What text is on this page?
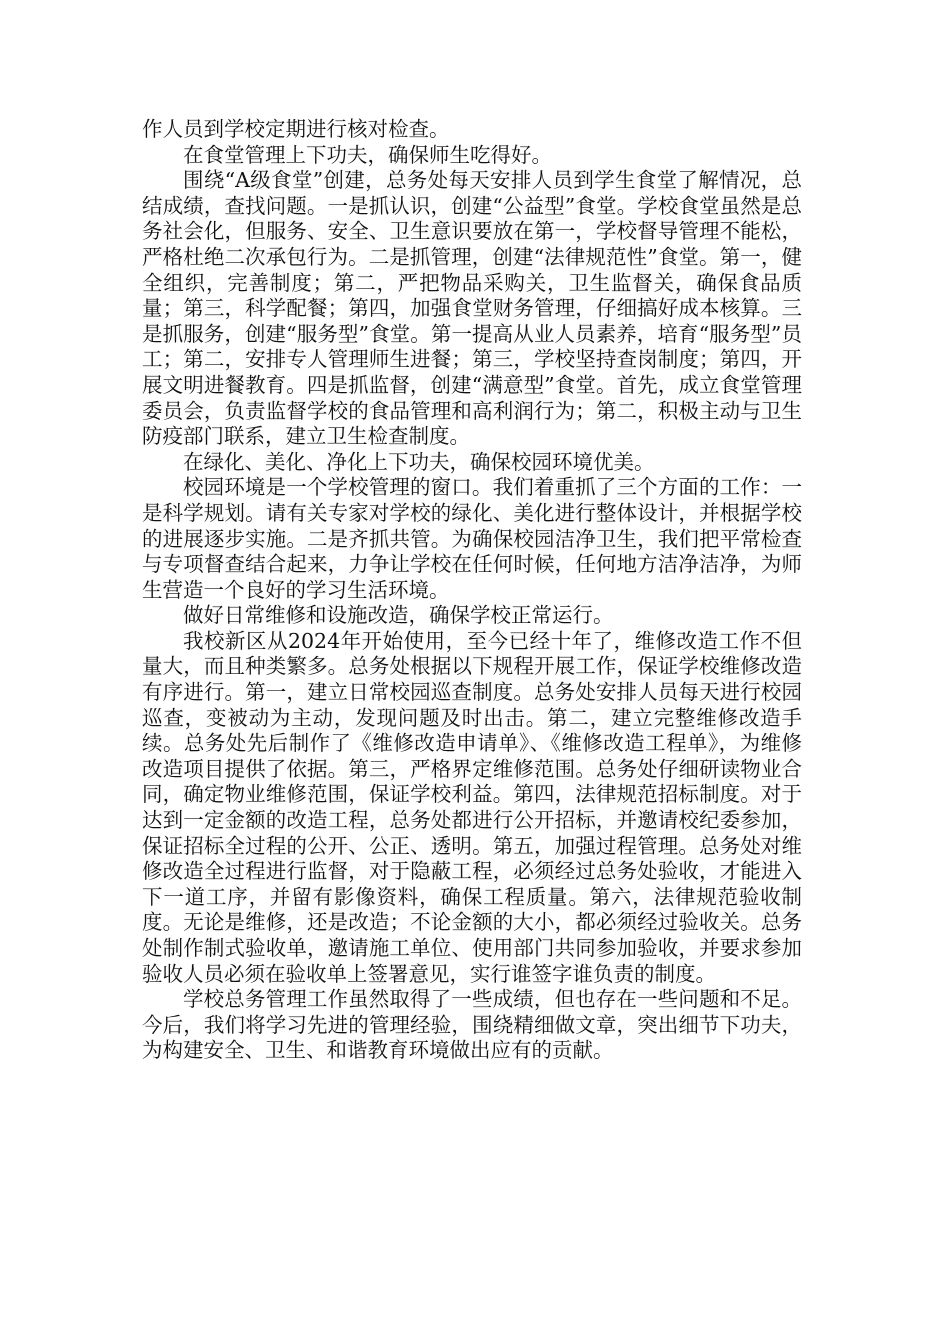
作人员到学校定期进行核对检查。

在食堂管理上下功夫，确保师生吃得好。

围绕“A级食堂”创建，总务处每天安排人员到学生食堂了解情况，总结成绩，查找问题。一是抓认识，创建“公益型”食堂。学校食堂虽然是总务社会化，但服务、安全、卫生意识要放在第一，学校督导管理不能松，严格杜绝二次承包行为。二是抓管理，创建“法律规范性”食堂。第一，健全组织，完善制度；第二，严把物品采购关，卫生监督关，确保食品质量；第三，科学配餐；第四，加强食堂财务管理，仔细搞好成本核算。三是抓服务，创建“服务型”食堂。第一提高从业人员素养，培育“服务型”员工；第二，安排专人管理师生进餐；第三，学校坚持查岗制度；第四，开展文明进餐教育。四是抓监督，创建“满意型”食堂。首先，成立食堂管理委员会，负责监督学校的食品管理和高利润行为；第二，积极主动与卫生防疫部门联系，建立卫生检查制度。

在绿化、美化、净化上下功夫，确保校园环境优美。

校园环境是一个学校管理的窗口。我们着重抓了三个方面的工作：一是科学规划。请有关专家对学校的绿化、美化进行整体设计，并根据学校的进展逐步实施。二是齐抓共管。为确保校园洁净卫生，我们把平常检查与专项督查结合起来，力争让学校在任何时候，任何地方洁净洁净，为师生营造一个良好的学习生活环境。

做好日常维修和设施改造，确保学校正常运行。

我校新区从2024年开始使用，至今已经十年了，维修改造工作不但量大，而且种类繁多。总务处根据以下规程开展工作，保证学校维修改造有序进行。第一，建立日常校园巡查制度。总务处安排人员每天进行校园巡查，变被动为主动，发现问题及时出击。第二，建立完整维修改造手续。总务处先后制作了《维修改造申请单》、《维修改造工程单》，为维修改造项目提供了依据。第三，严格界定维修范围。总务处仔细研读物业合同，确定物业维修范围，保证学校利益。第四，法律规范招标制度。对于达到一定金额的改造工程，总务处都进行公开招标，并邀请校纪委参加，保证招标全过程的公开、公正、透明。第五，加强过程管理。总务处对维修改造全过程进行监督，对于隐蔽工程，必须经过总务处验收，才能进入下一道工序，并留有影像资料，确保工程质量。第六，法律规范验收制度。无论是维修，还是改造；不论金额的大小，都必须经过验收关。总务处制作制式验收单，邀请施工单位、使用部门共同参加验收，并要求参加验收人员必须在验收单上签署意见，实行谁签字谁负责的制度。

学校总务管理工作虽然取得了一些成绩，但也存在一些问题和不足。今后，我们将学习先进的管理经验，围绕精细做文章，突出细节下功夫，为构建安全、卫生、和谐教育环境做出应有的贡献。
